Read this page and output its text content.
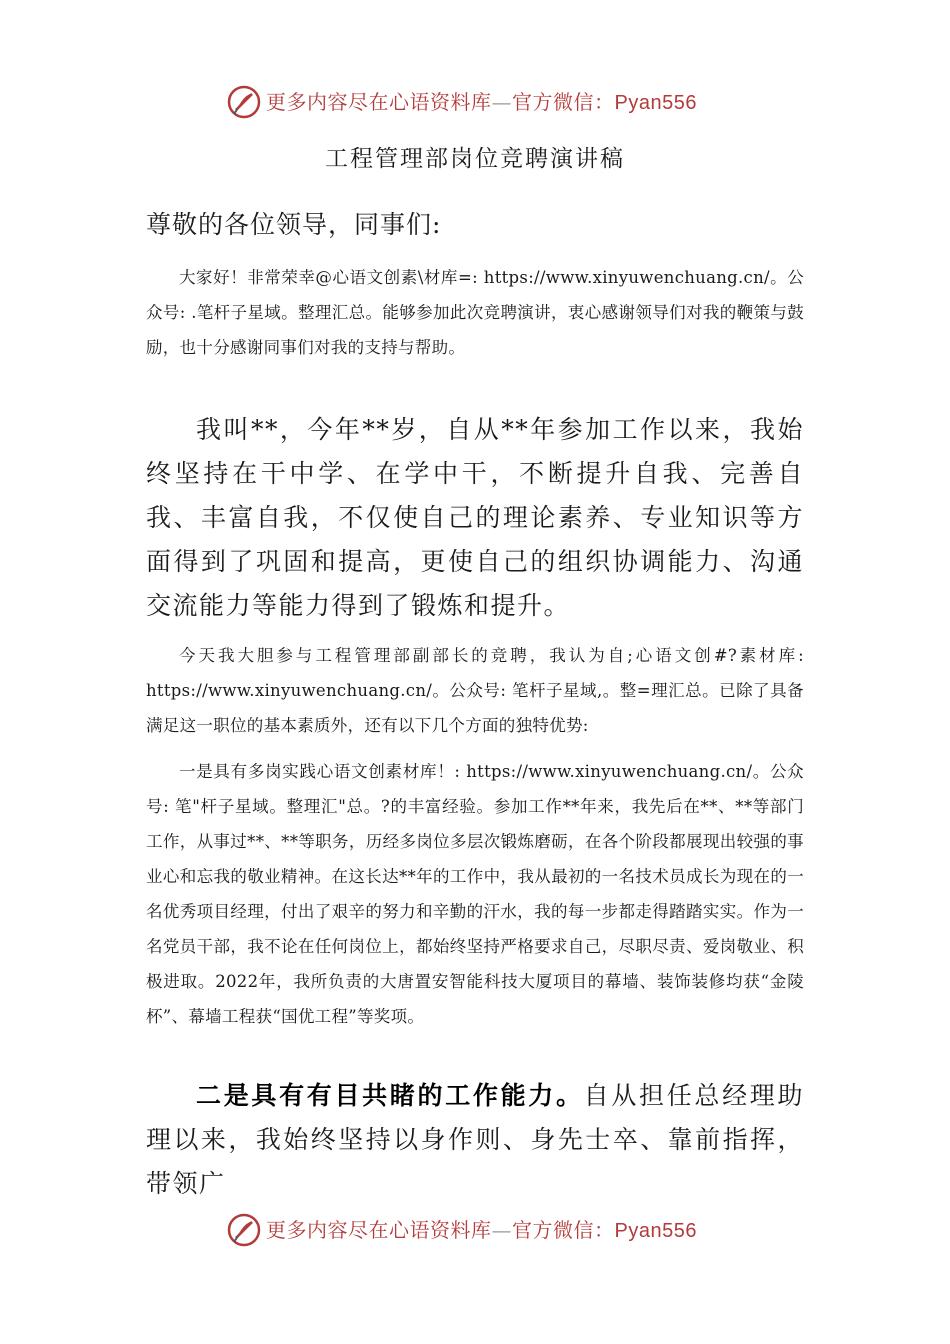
更多内容尽在心语资料库—官方微信：Pyan556
工程管理部岗位竞聘演讲稿
尊敬的各位领导，同事们:

大家好！非常荣幸@心语文创素\材库=: https://www.xinyuwenchuang.cn/。公众号: .笔杆子星域。整理汇总。能够参加此次竞聘演讲，衷心感谢领导们对我的鞭策与鼓励，也十分感谢同事们对我的支持与帮助。

我叫**，今年**岁，自从**年参加工作以来，我始终坚持在干中学、在学中干，不断提升自我、完善自我、丰富自我，不仅使自己的理论素养、专业知识等方面得到了巩固和提高，更使自己的组织协调能力、沟通交流能力等能力得到了锻炼和提升。

今天我大胆参与工程管理部副部长的竞聘，我认为自;心语文创#?素材库: https://www.xinyuwenchuang.cn/。公众号: 笔杆子星域,。整=理汇总。已除了具备满足这一职位的基本素质外，还有以下几个方面的独特优势:

一是具有多岗实践心语文创素材库！: https://www.xinyuwenchuang.cn/。公众号: 笔"杆子星域。整理汇"总。?的丰富经验。参加工作**年来，我先后在**、**等部门工作，从事过**、**等职务，历经多岗位多层次锻炼磨砺，在各个阶段都展现出较强的事业心和忘我的敬业精神。在这长达**年的工作中，我从最初的一名技术员成长为现在的一名优秀项目经理，付出了艰辛的努力和辛勤的汗水，我的每一步都走得踏踏实实。作为一名党员干部，我不论在任何岗位上，都始终坚持严格要求自己，尽职尽责、爱岗敬业、积极进取。2022年，我所负责的大唐置安智能科技大厦项目的幕墙、装饰装修均获“金陵杯”、幕墙工程获“国优工程”等奖项。

二是具有有目共睹的工作能力。自从担任总经理助理以来，我始终坚持以身作则、身先士卒、靠前指挥，带领广

更多内容尽在心语资料库—官方微信：Pyan556
